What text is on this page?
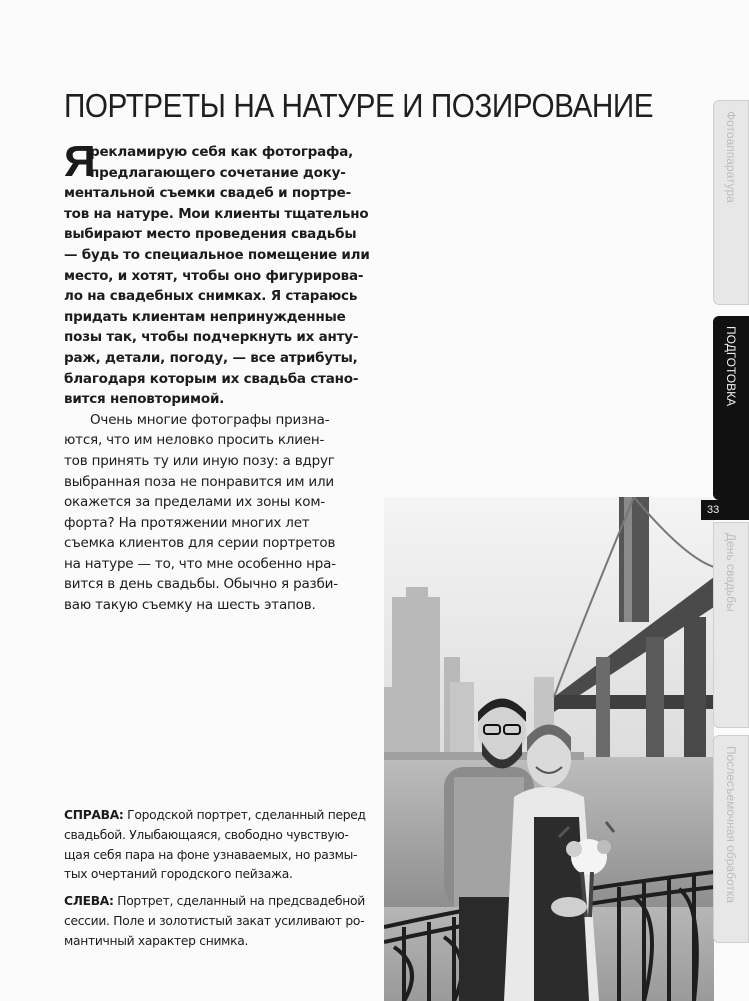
ПОРТРЕТЫ НА НАТУРЕ И ПОЗИРОВАНИЕ
Я
рекламирую себя как фотографа,
предлагающего сочетание доку-
ментальной съемки свадеб и портре-
тов на натуре. Мои клиенты тщательно
выбирают место проведения свадьбы
— будь то специальное помещение или
место, и хотят, чтобы оно фигурирова-
ло на свадебных снимках. Я стараюсь
придать клиентам непринужденные
позы так, чтобы подчеркнуть их анту-
раж, детали, погоду, — все атрибуты,
благодаря которым их свадьба стано-
вится неповторимой.
Очень многие фотографы призна-
ются, что им неловко просить клиен-
тов принять ту или иную позу: а вдруг
выбранная поза не понравится им или
окажется за пределами их зоны ком-
форта? На протяжении многих лет
съемка клиентов для серии портретов
на натуре — то, что мне особенно нра-
вится в день свадьбы. Обычно я разби-
ваю такую съемку на шесть этапов.
СПРАВА: Городской портрет, сделанный перед
свадьбой. Улыбающаяся, свободно чувствую-
щая себя пара на фоне узнаваемых, но размы-
тых очертаний городского пейзажа.
СЛЕВА: Портрет, сделанный на предсвадебной
сессии. Поле и золотистый закат усиливают ро-
мантичный характер снимка.
Фотоаппаратура
ПОДГОТОВКА
33
День свадьбы
Послесъемочная обработка
